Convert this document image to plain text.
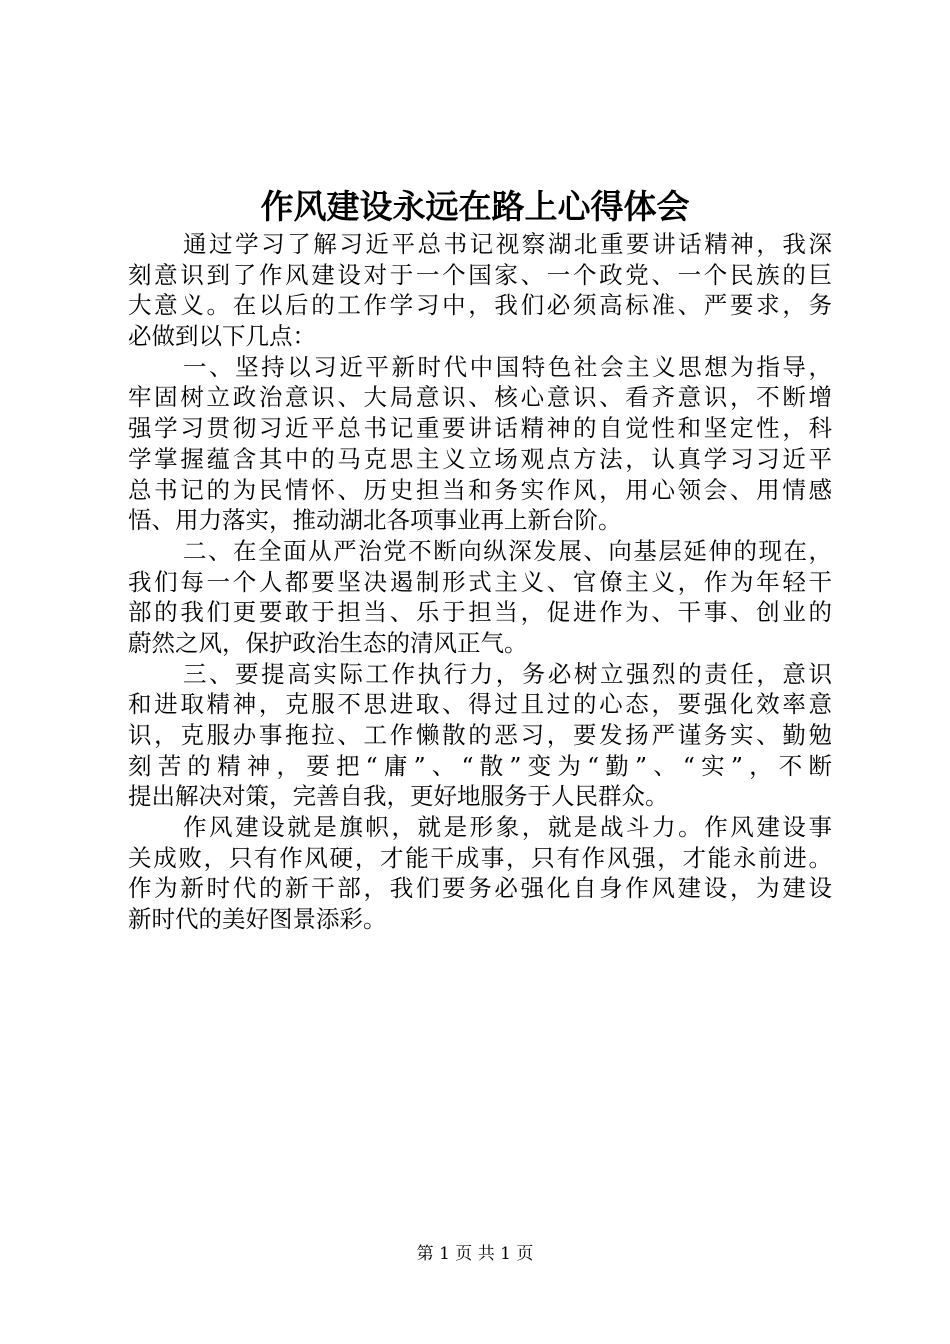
作风建设永远在路上心得体会
通过学习了解习近平总书记视察湖北重要讲话精神，我深
刻意识到了作风建设对于一个国家、一个政党、一个民族的巨
大意义。在以后的工作学习中，我们必须高标准、严要求，务
必做到以下几点：
一、坚持以习近平新时代中国特色社会主义思想为指导，
牢固树立政治意识、大局意识、核心意识、看齐意识，不断增
强学习贯彻习近平总书记重要讲话精神的自觉性和坚定性，科
学掌握蕴含其中的马克思主义立场观点方法，认真学习习近平
总书记的为民情怀、历史担当和务实作风，用心领会、用情感
悟、用力落实，推动湖北各项事业再上新台阶。
二、在全面从严治党不断向纵深发展、向基层延伸的现在，
我们每一个人都要坚决遏制形式主义、官僚主义，作为年轻干
部的我们更要敢于担当、乐于担当，促进作为、干事、创业的
蔚然之风，保护政治生态的清风正气。
三、要提高实际工作执行力，务必树立强烈的责任，意识
和进取精神，克服不思进取、得过且过的心态，要强化效率意
识，克服办事拖拉、工作懒散的恶习，要发扬严谨务实、勤勉
刻苦的精神，要把“庸”、“散”变为“勤”、“实”，不断
提出解决对策，完善自我，更好地服务于人民群众。
作风建设就是旗帜，就是形象，就是战斗力。作风建设事
关成败，只有作风硬，才能干成事，只有作风强，才能永前进。
作为新时代的新干部，我们要务必强化自身作风建设，为建设
新时代的美好图景添彩。
第 1 页 共 1 页
